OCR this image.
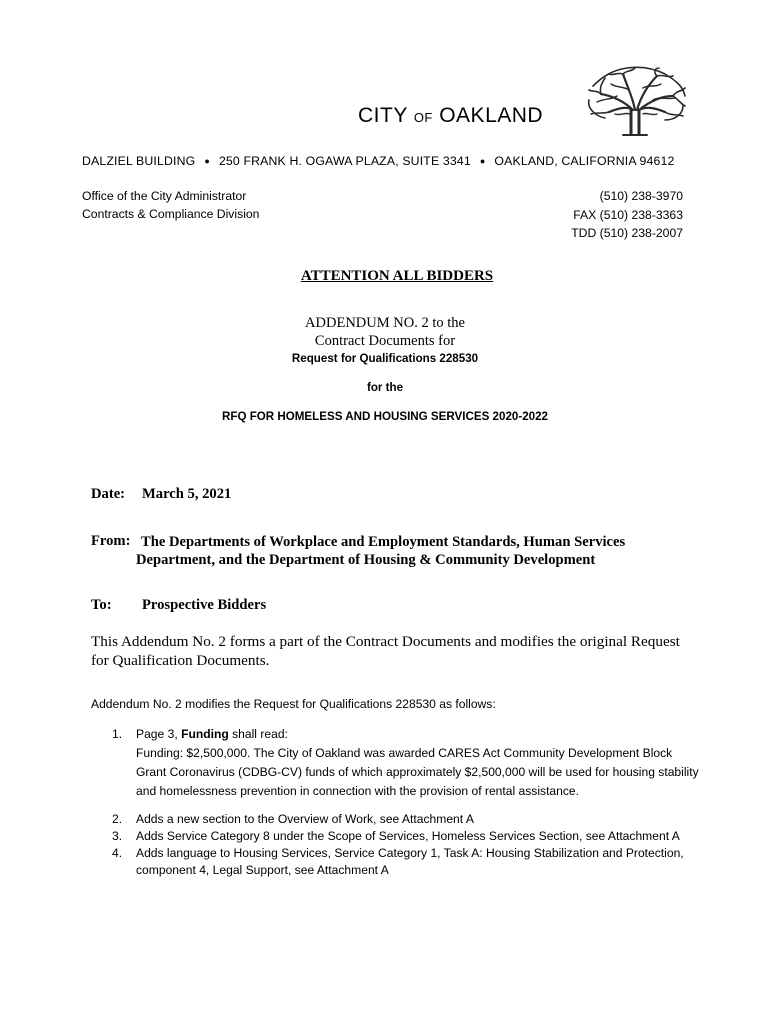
CITY OF OAKLAND
DALZIEL BUILDING ● 250 FRANK H. OGAWA PLAZA, SUITE 3341 ● OAKLAND, CALIFORNIA 94612
Office of the City Administrator
Contracts & Compliance Division
(510) 238-3970
FAX (510) 238-3363
TDD (510) 238-2007
ATTENTION ALL BIDDERS
ADDENDUM NO. 2 to the
Contract Documents for
Request for Qualifications 228530
for the
RFQ FOR HOMELESS AND HOUSING SERVICES 2020-2022
Date: March 5, 2021
From: The Departments of Workplace and Employment Standards, Human Services
Department, and the Department of Housing & Community Development
To: Prospective Bidders
This Addendum No. 2 forms a part of the Contract Documents and modifies the original Request for Qualification Documents.
Addendum No. 2 modifies the Request for Qualifications 228530 as follows:
1. Page 3, Funding shall read:
Funding: $2,500,000. The City of Oakland was awarded CARES Act Community Development Block Grant Coronavirus (CDBG-CV) funds of which approximately $2,500,000 will be used for housing stability and homelessness prevention in connection with the provision of rental assistance.
2. Adds a new section to the Overview of Work, see Attachment A
3. Adds Service Category 8 under the Scope of Services, Homeless Services Section, see Attachment A
4. Adds language to Housing Services, Service Category 1, Task A: Housing Stabilization and Protection, component 4, Legal Support, see Attachment A
